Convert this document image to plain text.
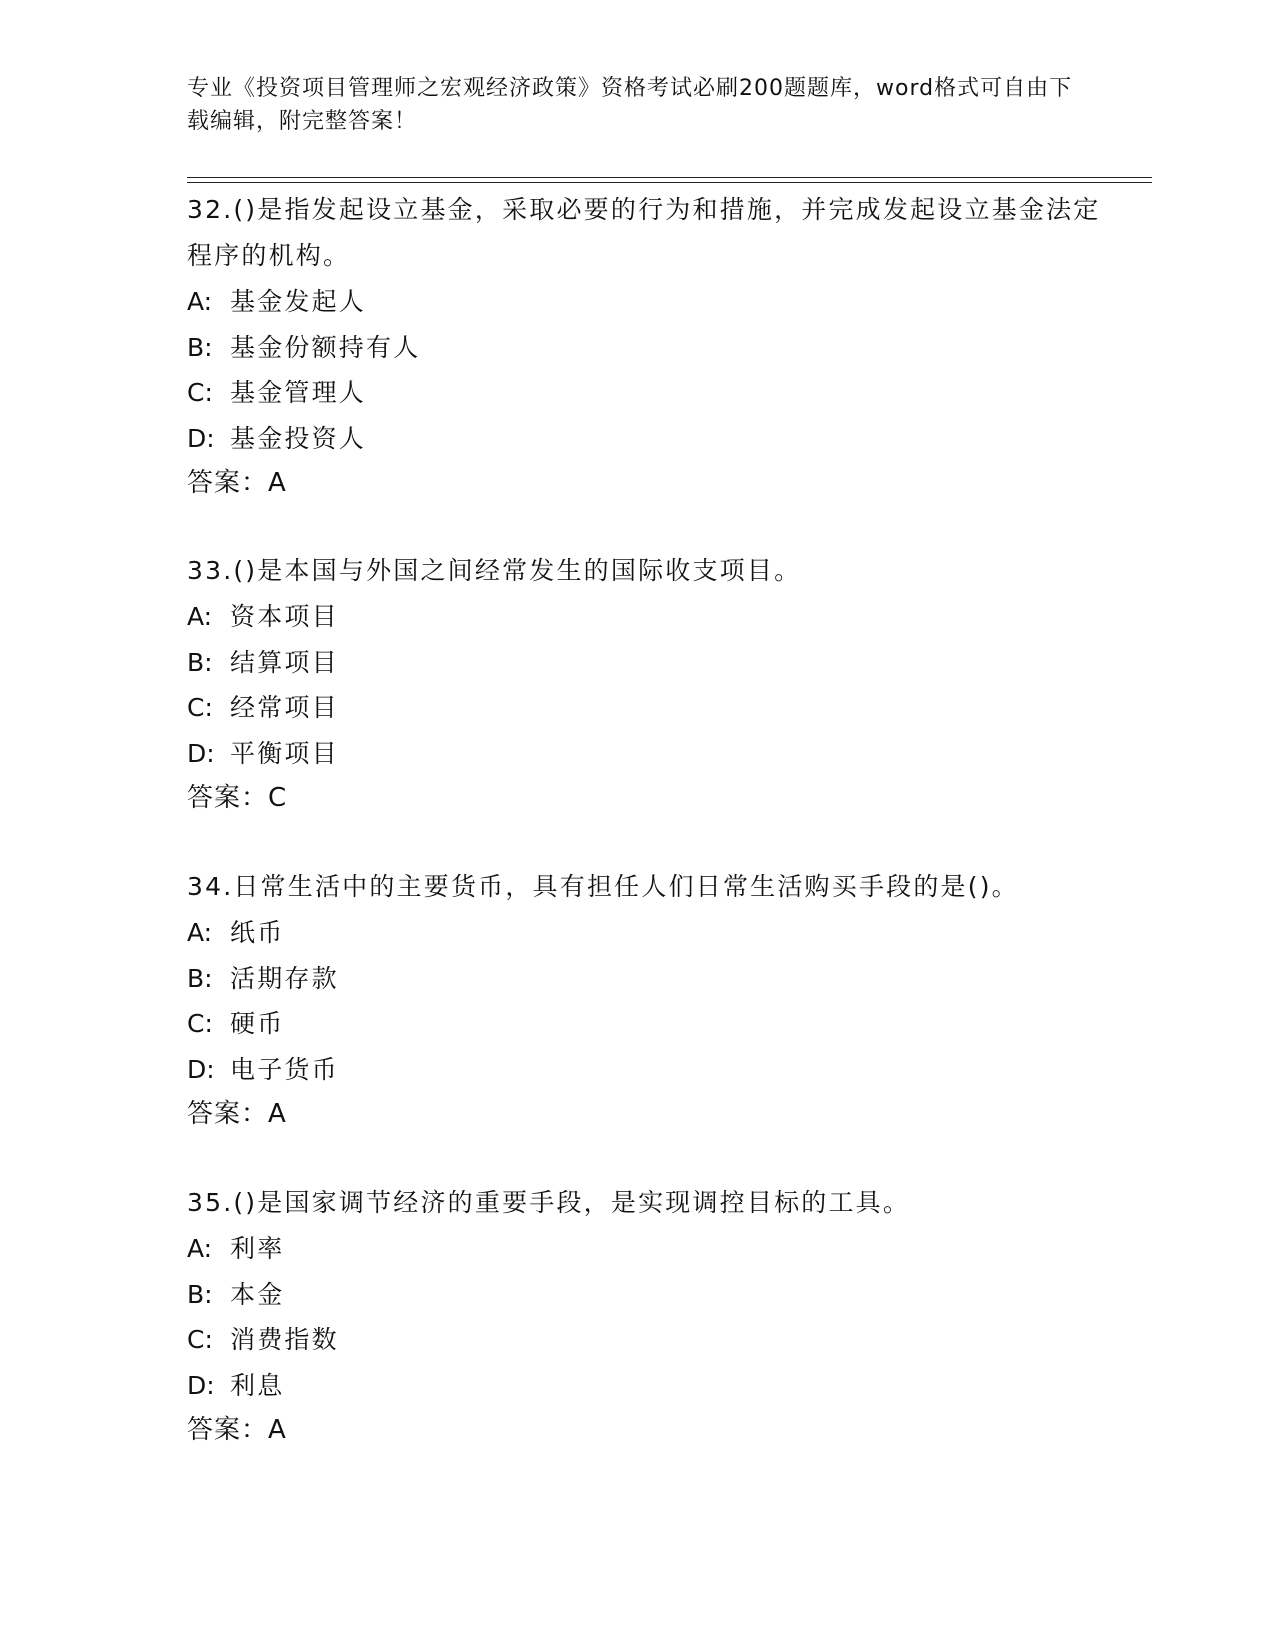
专业《投资项目管理师之宏观经济政策》资格考试必刷200题题库，word格式可自由下载编辑，附完整答案！

32.()是指发起设立基金，采取必要的行为和措施，并完成发起设立基金法定程序的机构。

A: 基金发起人

B: 基金份额持有人

C: 基金管理人

D: 基金投资人

答案：A

33.()是本国与外国之间经常发生的国际收支项目。

A: 资本项目

B: 结算项目

C: 经常项目

D: 平衡项目

答案：C

34.日常生活中的主要货币，具有担任人们日常生活购买手段的是()。

A: 纸币

B: 活期存款

C: 硬币

D: 电子货币

答案：A

35.()是国家调节经济的重要手段，是实现调控目标的工具。

A: 利率

B: 本金

C: 消费指数

D: 利息

答案：A
